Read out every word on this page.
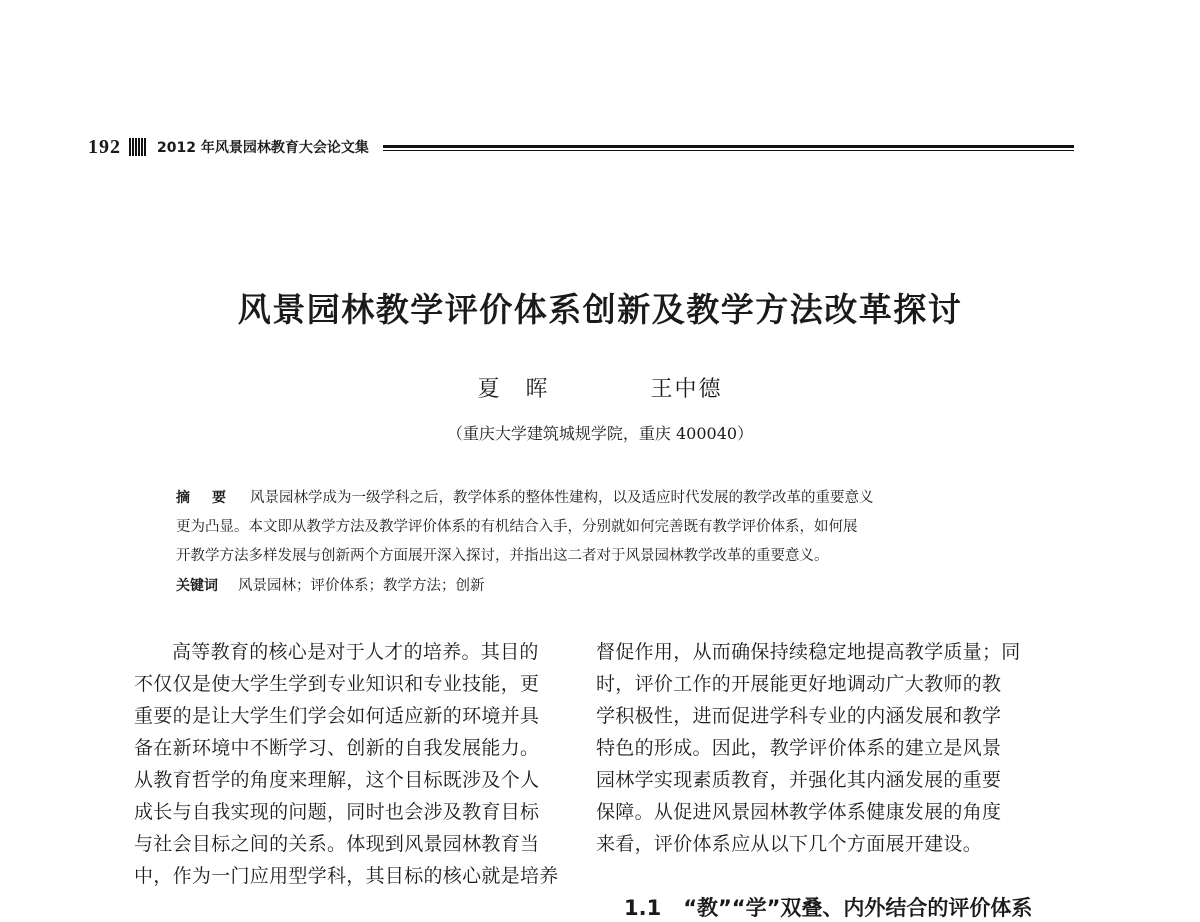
192	2012 年风景园林教育大会论文集
风景园林教学评价体系创新及教学方法改革探讨
夏　晖	王中德
（重庆大学建筑城规学院，重庆 400040）
摘　要 风景园林学成为一级学科之后，教学体系的整体性建构，以及适应时代发展的教学改革的重要意义
更为凸显。本文即从教学方法及教学评价体系的有机结合入手，分别就如何完善既有教学评价体系，如何展
开教学方法多样发展与创新两个方面展开深入探讨，并指出这二者对于风景园林教学改革的重要意义。
关键词 风景园林；评价体系；教学方法；创新
高等教育的核心是对于人才的培养。其目的
不仅仅是使大学生学到专业知识和专业技能，更
重要的是让大学生们学会如何适应新的环境并具
备在新环境中不断学习、创新的自我发展能力。
从教育哲学的角度来理解，这个目标既涉及个人
成长与自我实现的问题，同时也会涉及教育目标
与社会目标之间的关系。体现到风景园林教育当
中，作为一门应用型学科，其目标的核心就是培养
督促作用，从而确保持续稳定地提高教学质量；同
时，评价工作的开展能更好地调动广大教师的教
学积极性，进而促进学科专业的内涵发展和教学
特色的形成。因此，教学评价体系的建立是风景
园林学实现素质教育，并强化其内涵发展的重要
保障。从促进风景园林教学体系健康发展的角度
来看，评价体系应从以下几个方面展开建设。
1.1 “教”“学”双叠、内外结合的评价体系
